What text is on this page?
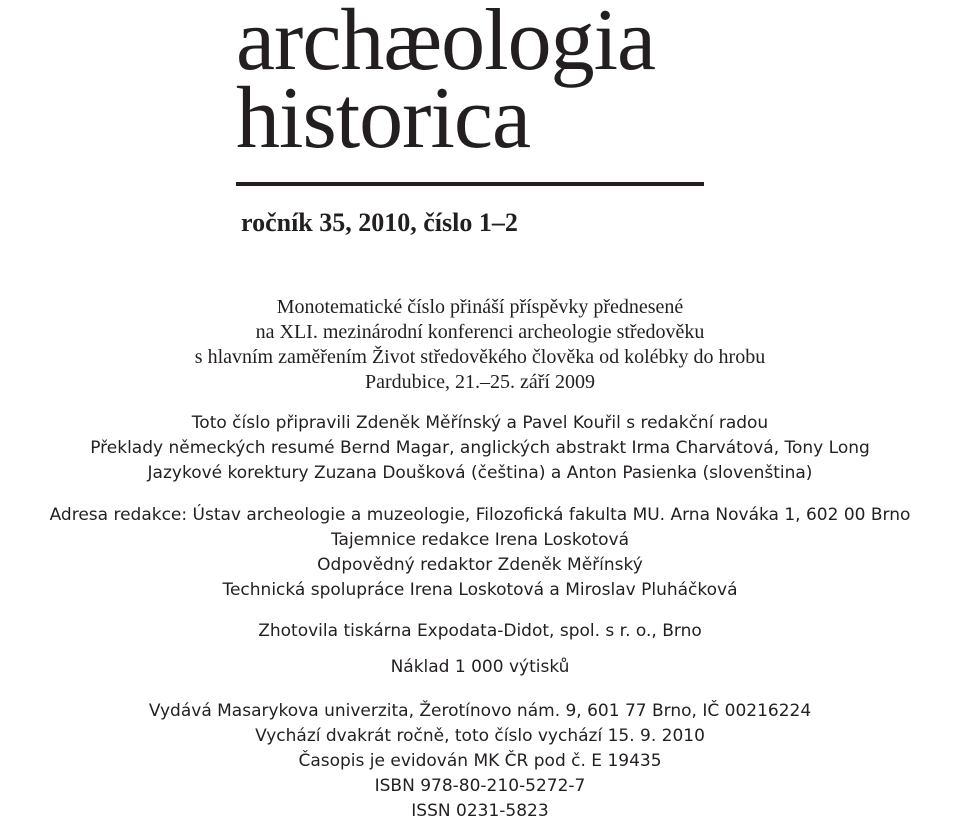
archæologia
historica
ročník 35, 2010, číslo 1–2
Monotematické číslo přináší příspěvky přednesené
na XLI. mezinárodní konferenci archeologie středověku
s hlavním zaměřením Život středověkého člověka od kolébky do hrobu
Pardubice, 21.–25. září 2009
Toto číslo připravili Zdeněk Měřínský a Pavel Kouřil s redakční radou
Překlady německých resumé Bernd Magar, anglických abstrakt Irma Charvátová, Tony Long
Jazykové korektury Zuzana Doušková (čeština) a Anton Pasienka (slovenština)
Adresa redakce: Ústav archeologie a muzeologie, Filozofická fakulta MU. Arna Nováka 1, 602 00 Brno
Tajemnice redakce Irena Loskotová
Odpovědný redaktor Zdeněk Měřínský
Technická spolupráce Irena Loskotová a Miroslav Pluháčková
Zhotovila tiskárna Expodata-Didot, spol. s r. o., Brno
Náklad 1 000 výtisků
Vydává Masarykova univerzita, Žerotínovo nám. 9, 601 77 Brno, IČ 00216224
Vychází dvakrát ročně, toto číslo vychází 15. 9. 2010
Časopis je evidován MK ČR pod č. E 19435
ISBN 978-80-210-5272-7
ISSN 0231-5823
